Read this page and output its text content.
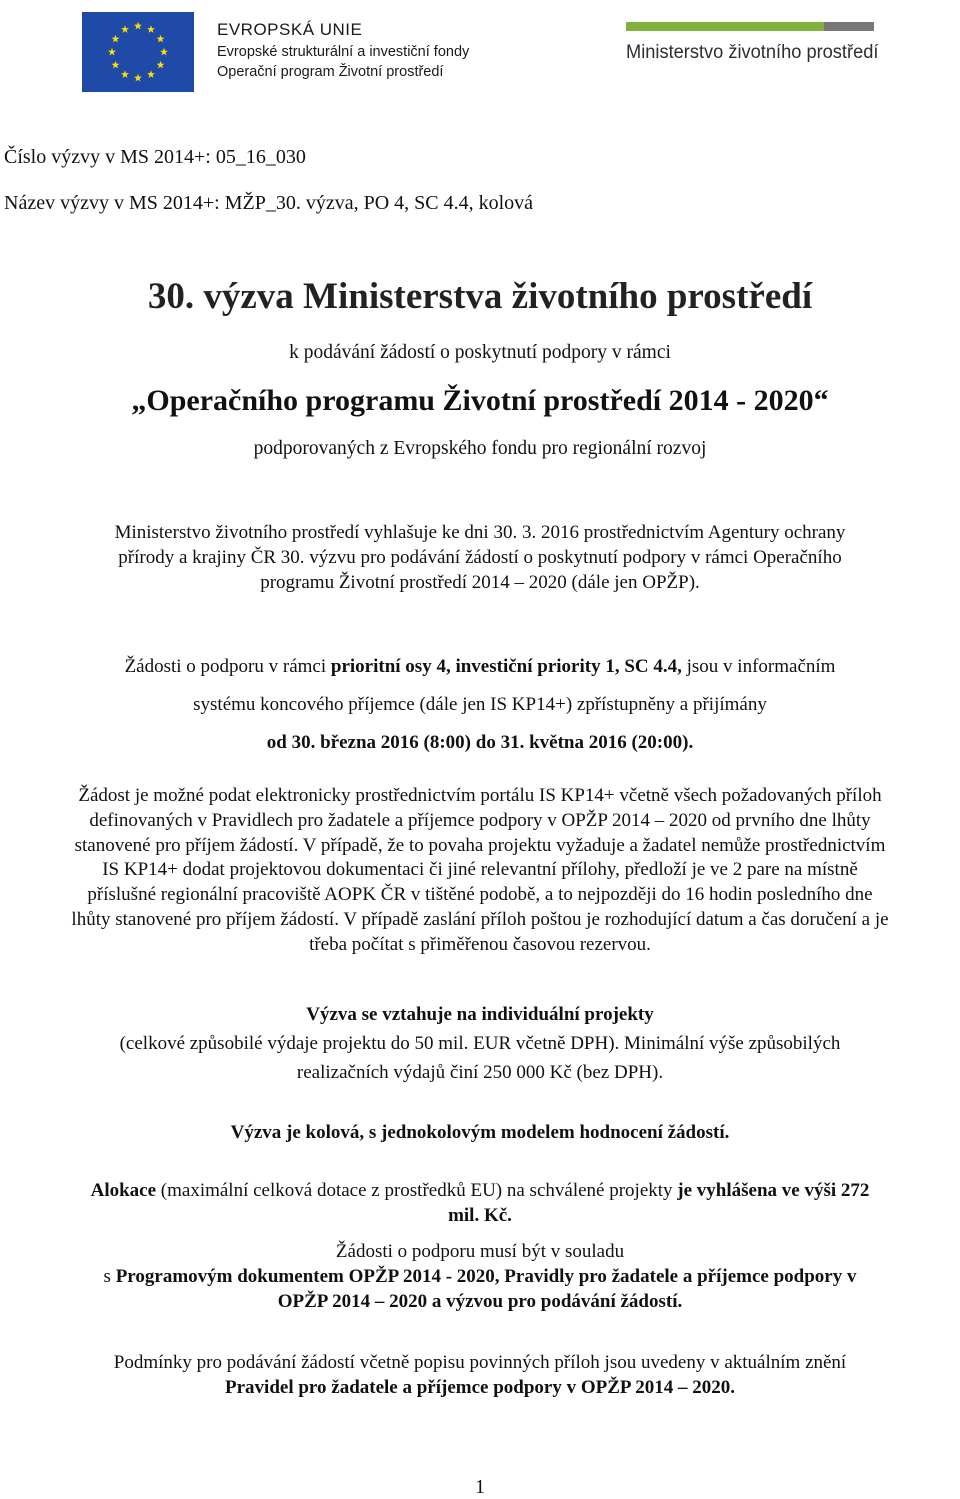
EVROPSKÁ UNIE
Evropské strukturální a investiční fondy
Operační program Životní prostředí
Ministerstvo životního prostředí
Číslo výzvy v MS 2014+: 05_16_030
Název výzvy v MS 2014+: MŽP_30. výzva, PO 4, SC 4.4, kolová
30. výzva Ministerstva životního prostředí
k podávání žádostí o poskytnutí podpory v rámci
„Operačního programu Životní prostředí 2014 - 2020“
podporovaných z Evropského fondu pro regionální rozvoj
Ministerstvo životního prostředí vyhlašuje ke dni 30. 3. 2016 prostřednictvím Agentury ochrany přírody a krajiny ČR 30. výzvu pro podávání žádostí o poskytnutí podpory v rámci Operačního programu Životní prostředí 2014 – 2020 (dále jen OPŽP).
Žádosti o podporu v rámci prioritní osy 4, investiční priority 1, SC 4.4, jsou v informačním
systému koncového příjemce (dále jen IS KP14+) zpřístupněny a přijímány
od 30. března 2016 (8:00) do 31. května 2016 (20:00).
Žádost je možné podat elektronicky prostřednictvím portálu IS KP14+ včetně všech požadovaných příloh definovaných v Pravidlech pro žadatele a příjemce podpory v OPŽP 2014 – 2020 od prvního dne lhůty stanovené pro příjem žádostí. V případě, že to povaha projektu vyžaduje a žadatel nemůže prostřednictvím IS KP14+ dodat projektovou dokumentaci či jiné relevantní přílohy, předloží je ve 2 pare na místně příslušné regionální pracoviště AOPK ČR v tištěné podobě, a to nejpozději do 16 hodin posledního dne lhůty stanovené pro příjem žádostí. V případě zaslání příloh poštou je rozhodující datum a čas doručení a je třeba počítat s přiměřenou časovou rezervou.
Výzva se vztahuje na individuální projekty
(celkové způsobilé výdaje projektu do 50 mil. EUR včetně DPH). Minimální výše způsobilých
realizačních výdajů činí 250 000 Kč (bez DPH).
Výzva je kolová, s jednokolovým modelem hodnocení žádostí.
Alokace (maximální celková dotace z prostředků EU) na schválené projekty je vyhlášena ve výši 272 mil. Kč.
Žádosti o podporu musí být v souladu
s Programovým dokumentem OPŽP 2014 - 2020, Pravidly pro žadatele a příjemce podpory v OPŽP 2014 – 2020 a výzvou pro podávání žádostí.
Podmínky pro podávání žádostí včetně popisu povinných příloh jsou uvedeny v aktuálním znění
Pravidel pro žadatele a příjemce podpory v OPŽP 2014 – 2020.
1
